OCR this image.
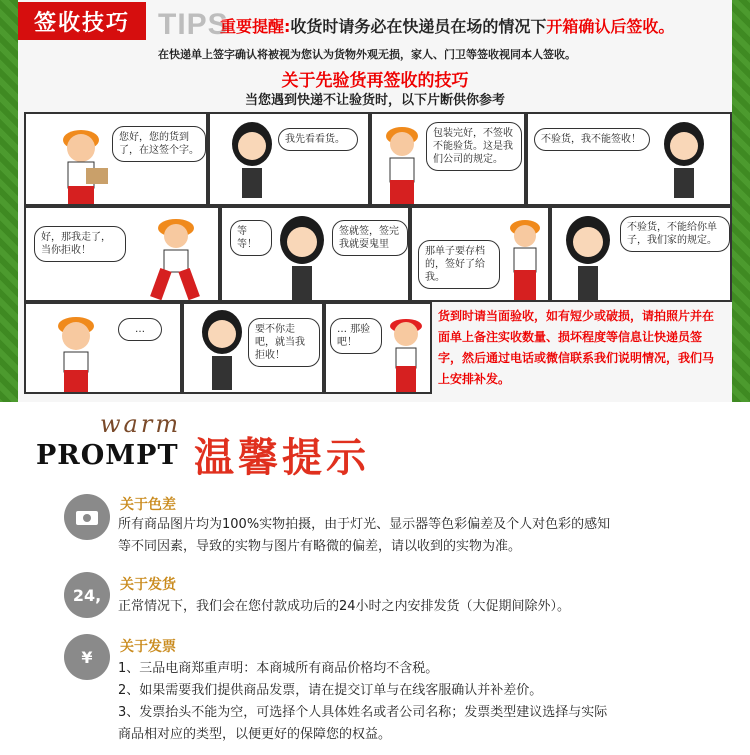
签收技巧 TIPS
重要提醒:收货时请务必在快递员在场的情况下开箱确认后签收。
在快递单上签字确认将被视为您认为货物外观无损，家人、门卫等签收视同本人签收。
关于先验货再签收的技巧
当您遇到快递不让验货时，以下片断供你参考
您好，您的货到了，在这签个字。
我先看看货。
包装完好，不签收不能验货。这是我们公司的规定。
不验货，我不能签收！
好，那我走了，当你拒收！
等等！
签就签，签完我就耍鬼里
那单子要存档的，签好了给我。
不验货，不能给你单子，我们家的规定。
…	要不你走吧，就当我拒收！
… 那验吧！
货到时请当面验收，如有短少或破损，请拍照片并在面单上备注实收数量、损坏程度等信息让快递员签字，然后通过电话或微信联系我们说明情况，我们马上安排补发。
warm
PROMPT 温馨提示
关于色差
所有商品图片均为100%实物拍摄，由于灯光、显示器等色彩偏差及个人对色彩的感知
等不同因素，导致的实物与图片有略微的偏差，请以收到的实物为准。
24,
关于发货
正常情况下，我们会在您付款成功后的24小时之内安排发货（大促期间除外）。
¥
关于发票
1、三品电商郑重声明：本商城所有商品价格均不含税。
2、如果需要我们提供商品发票，请在提交订单与在线客服确认并补差价。
3、发票抬头不能为空，可选择个人具体姓名或者公司名称；发票类型建议选择与实际
商品相对应的类型，以便更好的保障您的权益。
